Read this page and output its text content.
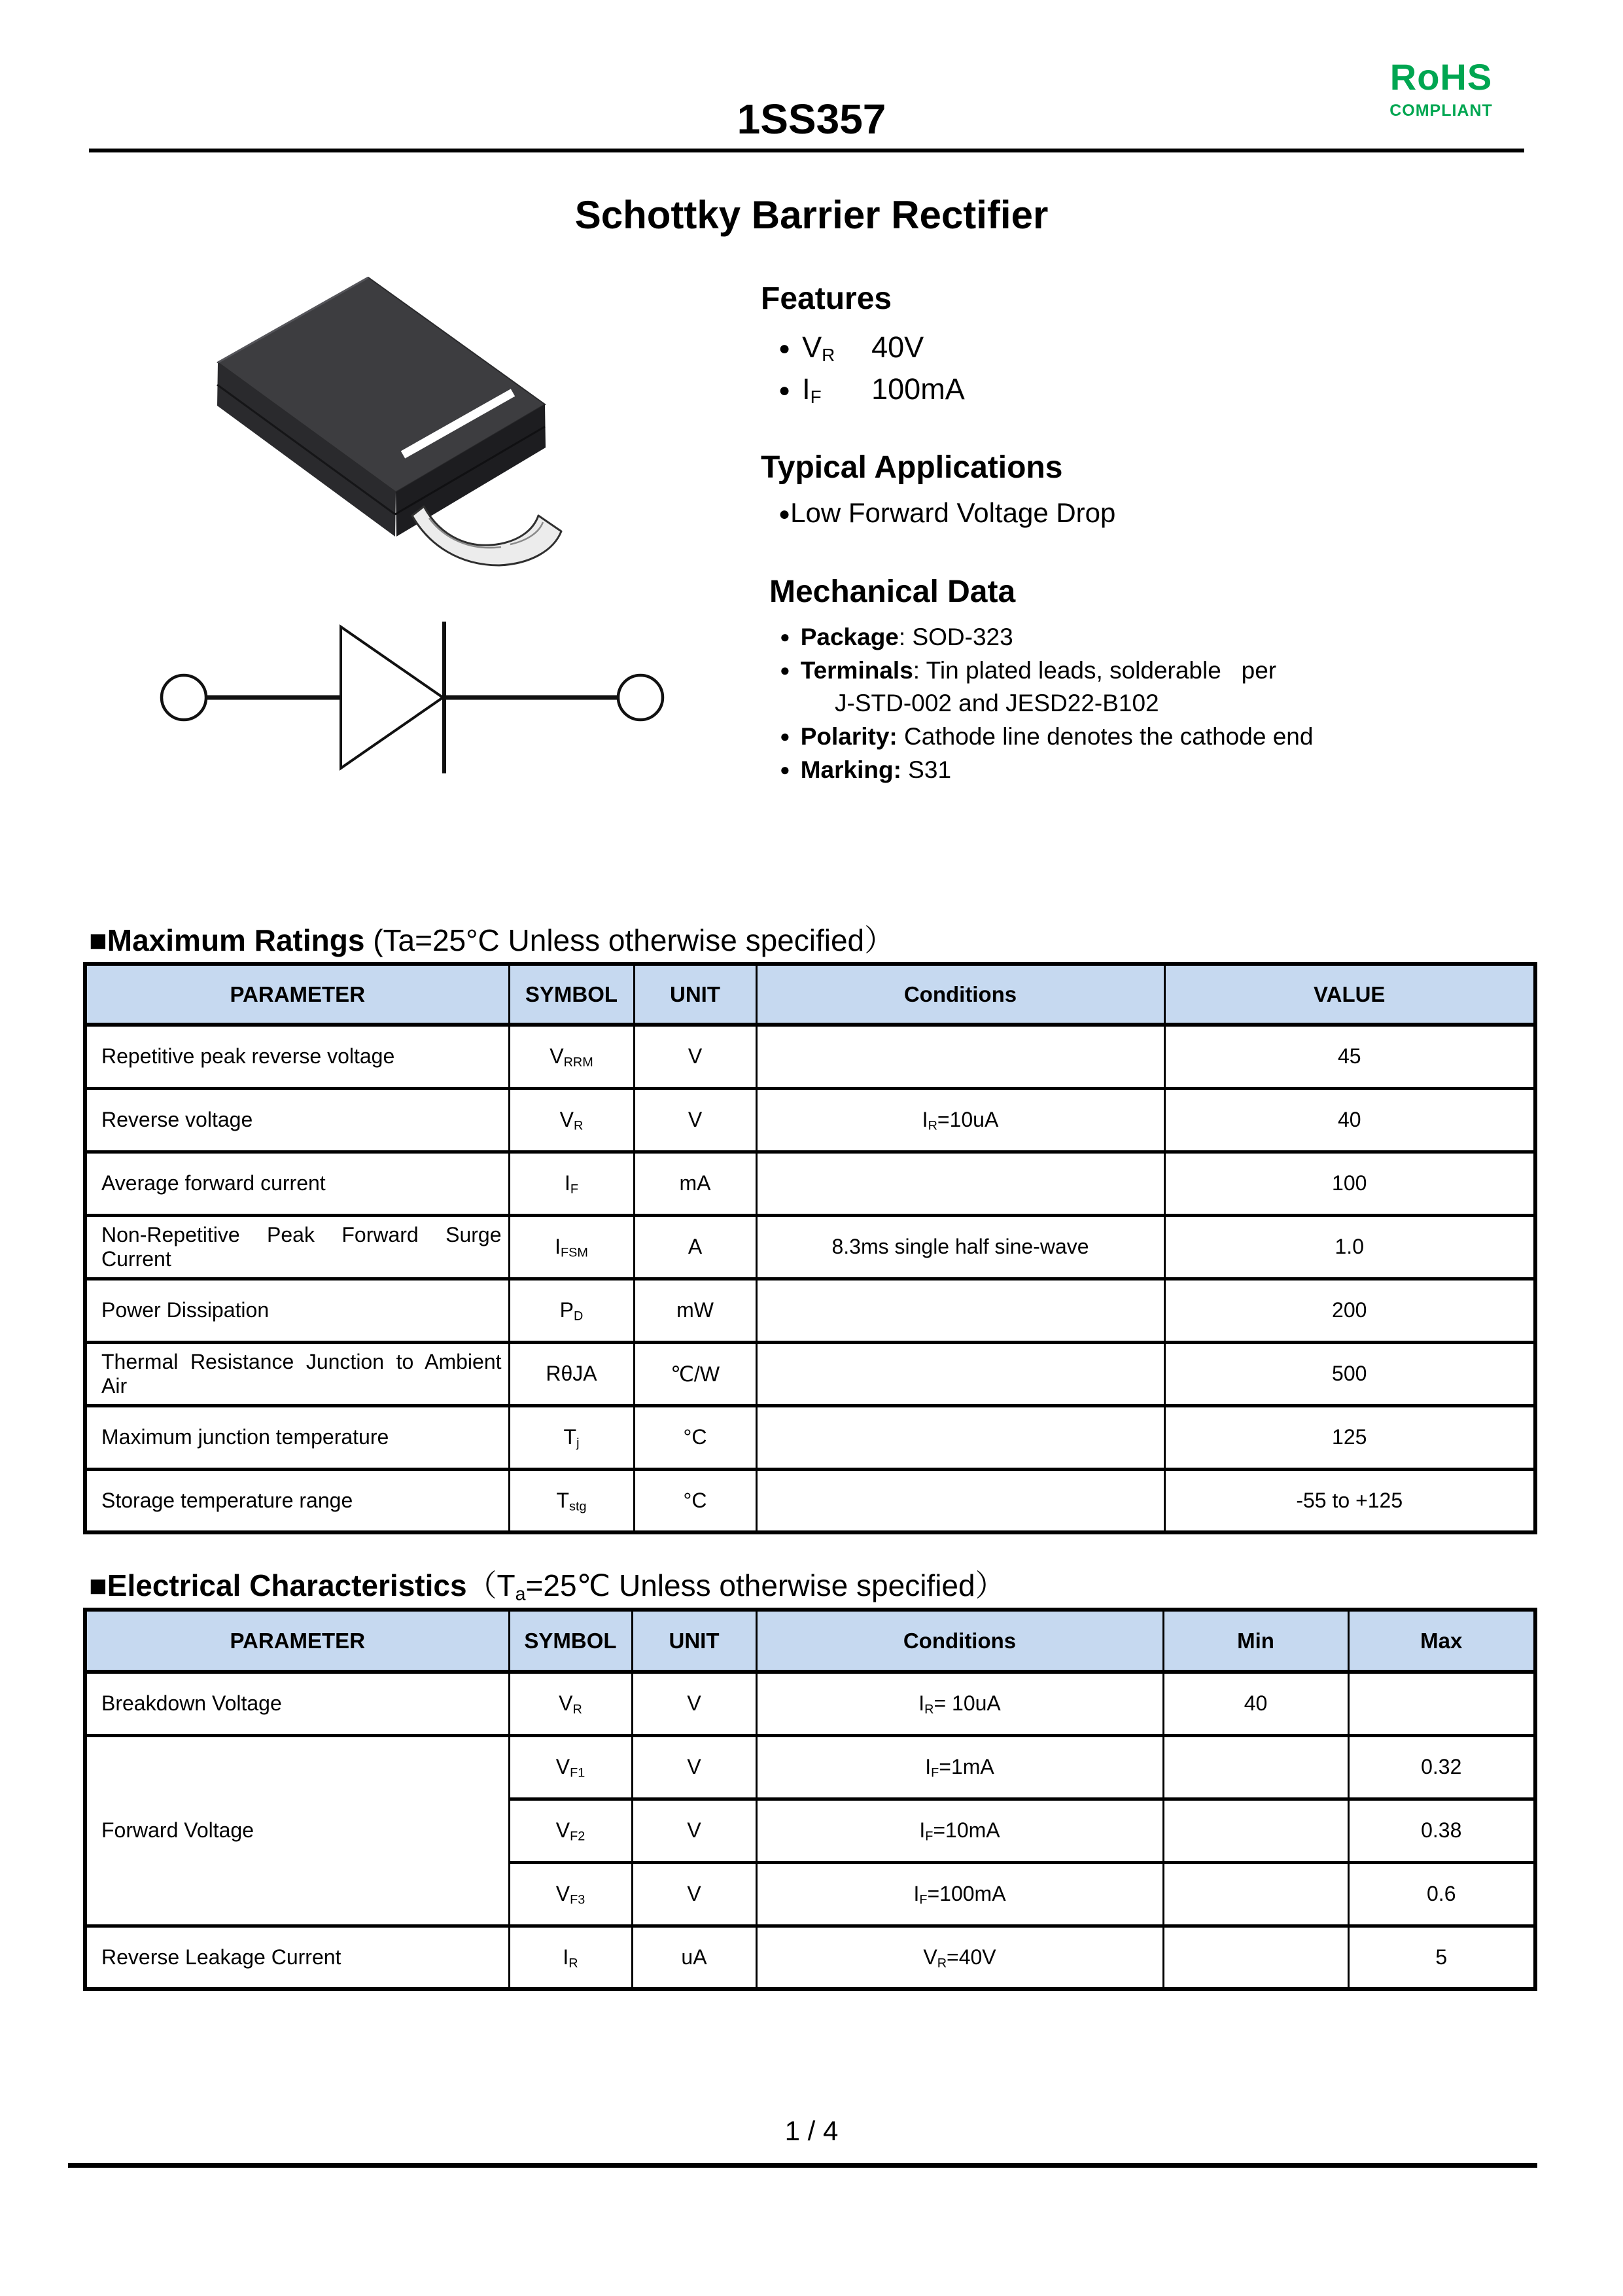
RoHS
COMPLIANT
1SS357
Schottky Barrier Rectifier
Features
● $V_R$ 40V
● $I_F$ 100mA
Typical Applications
●Low Forward Voltage Drop
Mechanical Data
● Package: SOD-323
● Terminals: Tin plated leads, solderable   per
J-STD-002 and JESD22-B102
● Polarity: Cathode line denotes the cathode end
● Marking: S31
■Maximum Ratings (Ta=25°C Unless otherwise specified）
PARAMETER	SYMBOL	UNIT	Conditions	VALUE
Repetitive peak reverse voltage	$V_{RRM}$	V		45
Reverse voltage	$V_R$	V	$I_R=10uA$	40
Average forward current	$I_F$	mA		100
Non-Repetitive Peak Forward Surge Current	$I_{FSM}$	A	8.3ms single half sine-wave	1.0
Power Dissipation	$P_D$	mW		200
Thermal Resistance Junction to Ambient Air	RθJA	℃/W		500
Maximum junction temperature	$T_j$	°C		125
Storage temperature range	$T_{stg}$	°C		-55 to +125
■Electrical $Characteristics(T_a=25℃$ Unless otherwise specified）
PARAMETER	SYMBOL	UNIT	Conditions	Min	Max
Breakdown Voltage	$V_R$	V	$I_R= 10uA$	40	
Forward Voltage	$V_{F1}$	V	$I_F=1mA$		0.32
	$V_{F2}$	V	$I_F=10mA$		0.38
	$V_{F3}$	V	$I_F=100mA$		0.6
Reverse Leakage Current	$I_R$	uA	$V_R=40V$		5
1 / 4
